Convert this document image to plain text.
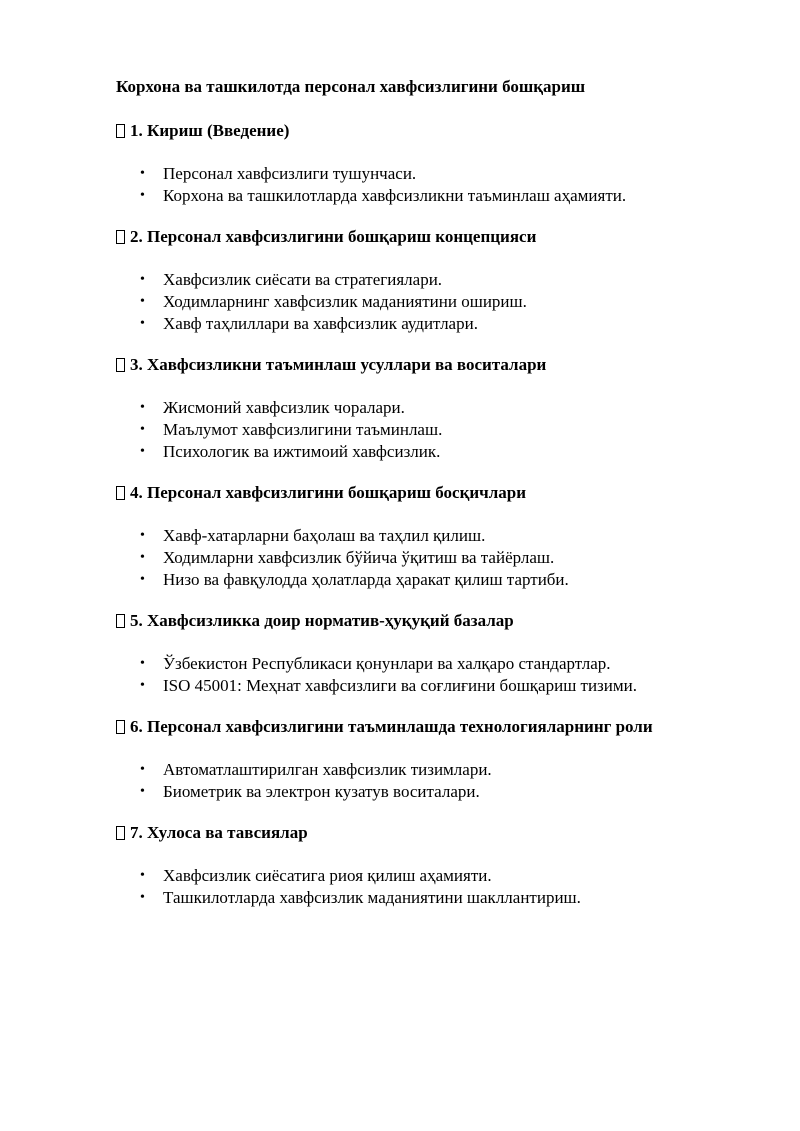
Корхона ва ташкилотда персонал хавфсизлигини бошқариш
1. Кириш (Введение)
•	Персонал хавфсизлиги тушунчаси.
•	Корхона ва ташкилотларда хавфсизликни таъминлаш аҳамияти.
2. Персонал хавфсизлигини бошқариш концепцияси
•	Хавфсизлик сиёсати ва стратегиялари.
•	Ходимларнинг хавфсизлик маданиятини ошириш.
•	Хавф таҳлиллари ва хавфсизлик аудитлари.
3. Хавфсизликни таъминлаш усуллари ва воситалари
•	Жисмоний хавфсизлик чоралари.
•	Маълумот хавфсизлигини таъминлаш.
•	Психологик ва ижтимоий хавфсизлик.
4. Персонал хавфсизлигини бошқариш босқичлари
•	Хавф-хатарларни баҳолаш ва таҳлил қилиш.
•	Ходимларни хавфсизлик бўйича ўқитиш ва тайёрлаш.
•	Низо ва фавқулодда ҳолатларда ҳаракат қилиш тартиби.
5. Хавфсизликка доир норматив-ҳуқуқий базалар
•	Ўзбекистон Республикаси қонунлари ва халқаро стандартлар.
•	ISO 45001: Меҳнат хавфсизлиги ва соғлиғини бошқариш тизими.
6. Персонал хавфсизлигини таъминлашда технологияларнинг роли
•	Автоматлаштирилган хавфсизлик тизимлари.
•	Биометрик ва электрон кузатув воситалари.
7. Хулоса ва тавсиялар
•	Хавфсизлик сиёсатига риоя қилиш аҳамияти.
•	Ташкилотларда хавфсизлик маданиятини шакллантириш.
